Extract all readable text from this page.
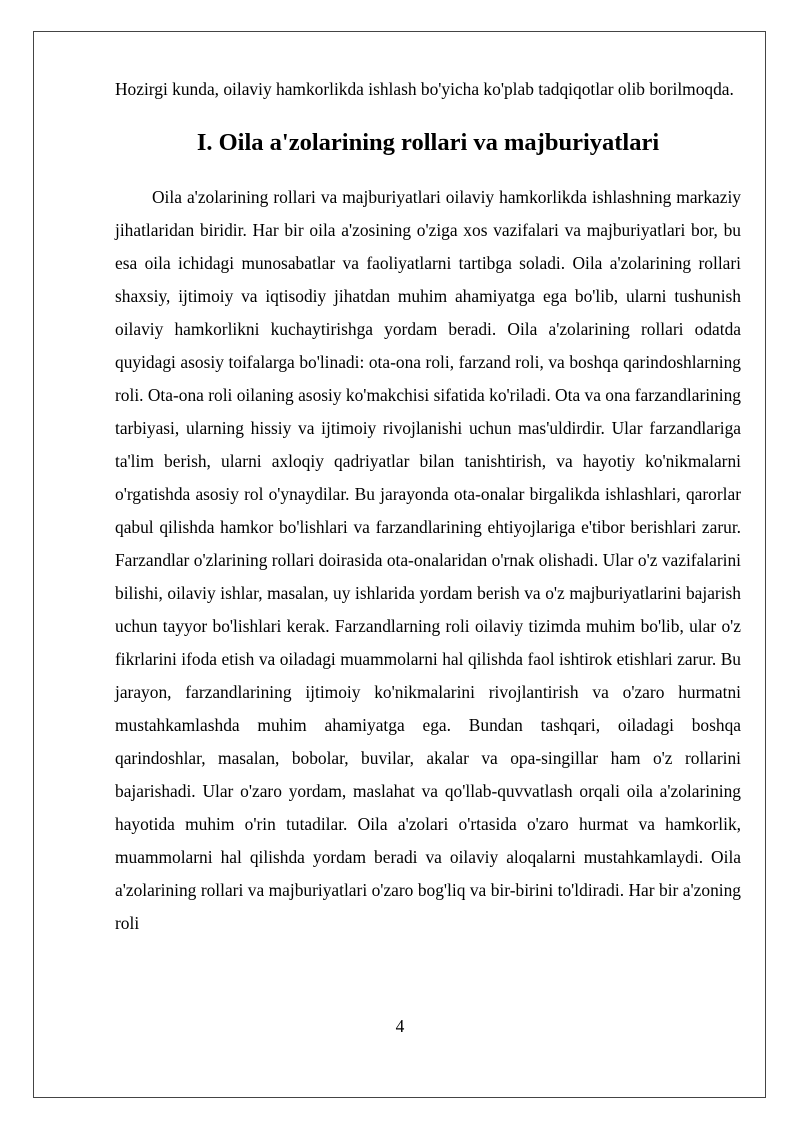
Hozirgi kunda, oilaviy hamkorlikda ishlash bo'yicha ko'plab tadqiqotlar olib borilmoqda.

I. Oila a'zolarining rollari va majburiyatlari

Oila a'zolarining rollari va majburiyatlari oilaviy hamkorlikda ishlashning markaziy jihatlaridan biridir. Har bir oila a'zosining o'ziga xos vazifalari va majburiyatlari bor, bu esa oila ichidagi munosabatlar va faoliyatlarni tartibga soladi. Oila a'zolarining rollari shaxsiy, ijtimoiy va iqtisodiy jihatdan muhim ahamiyatga ega bo'lib, ularni tushunish oilaviy hamkorlikni kuchaytirishga yordam beradi. Oila a'zolarining rollari odatda quyidagi asosiy toifalarga bo'linadi: ota-ona roli, farzand roli, va boshqa qarindoshlarning roli. Ota-ona roli oilaning asosiy ko'makchisi sifatida ko'riladi. Ota va ona farzandlarining tarbiyasi, ularning hissiy va ijtimoiy rivojlanishi uchun mas'uldirdir. Ular farzandlariga ta'lim berish, ularni axloqiy qadriyatlar bilan tanishtirish, va hayotiy ko'nikmalarni o'rgatishda asosiy rol o'ynaydilar. Bu jarayonda ota-onalar birgalikda ishlashlari, qarorlar qabul qilishda hamkor bo'lishlari va farzandlarining ehtiyojlariga e'tibor berishlari zarur. Farzandlar o'zlarining rollari doirasida ota-onalaridan o'rnak olishadi. Ular o'z vazifalarini bilishi, oilaviy ishlar, masalan, uy ishlarida yordam berish va o'z majburiyatlarini bajarish uchun tayyor bo'lishlari kerak. Farzandlarning roli oilaviy tizimda muhim bo'lib, ular o'z fikrlarini ifoda etish va oiladagi muammolarni hal qilishda faol ishtirok etishlari zarur. Bu jarayon, farzandlarining ijtimoiy ko'nikmalarini rivojlantirish va o'zaro hurmatni mustahkamlashda muhim ahamiyatga ega. Bundan tashqari, oiladagi boshqa qarindoshlar, masalan, bobolar, buvilar, akalar va opa-singillar ham o'z rollarini bajarishadi. Ular o'zaro yordam, maslahat va qo'llab-quvvatlash orqali oila a'zolarining hayotida muhim o'rin tutadilar. Oila a'zolari o'rtasida o'zaro hurmat va hamkorlik, muammolarni hal qilishda yordam beradi va oilaviy aloqalarni mustahkamlaydi. Oila a'zolarining rollari va majburiyatlari o'zaro bog'liq va bir-birini to'ldiradi. Har bir a'zoning roli

4
